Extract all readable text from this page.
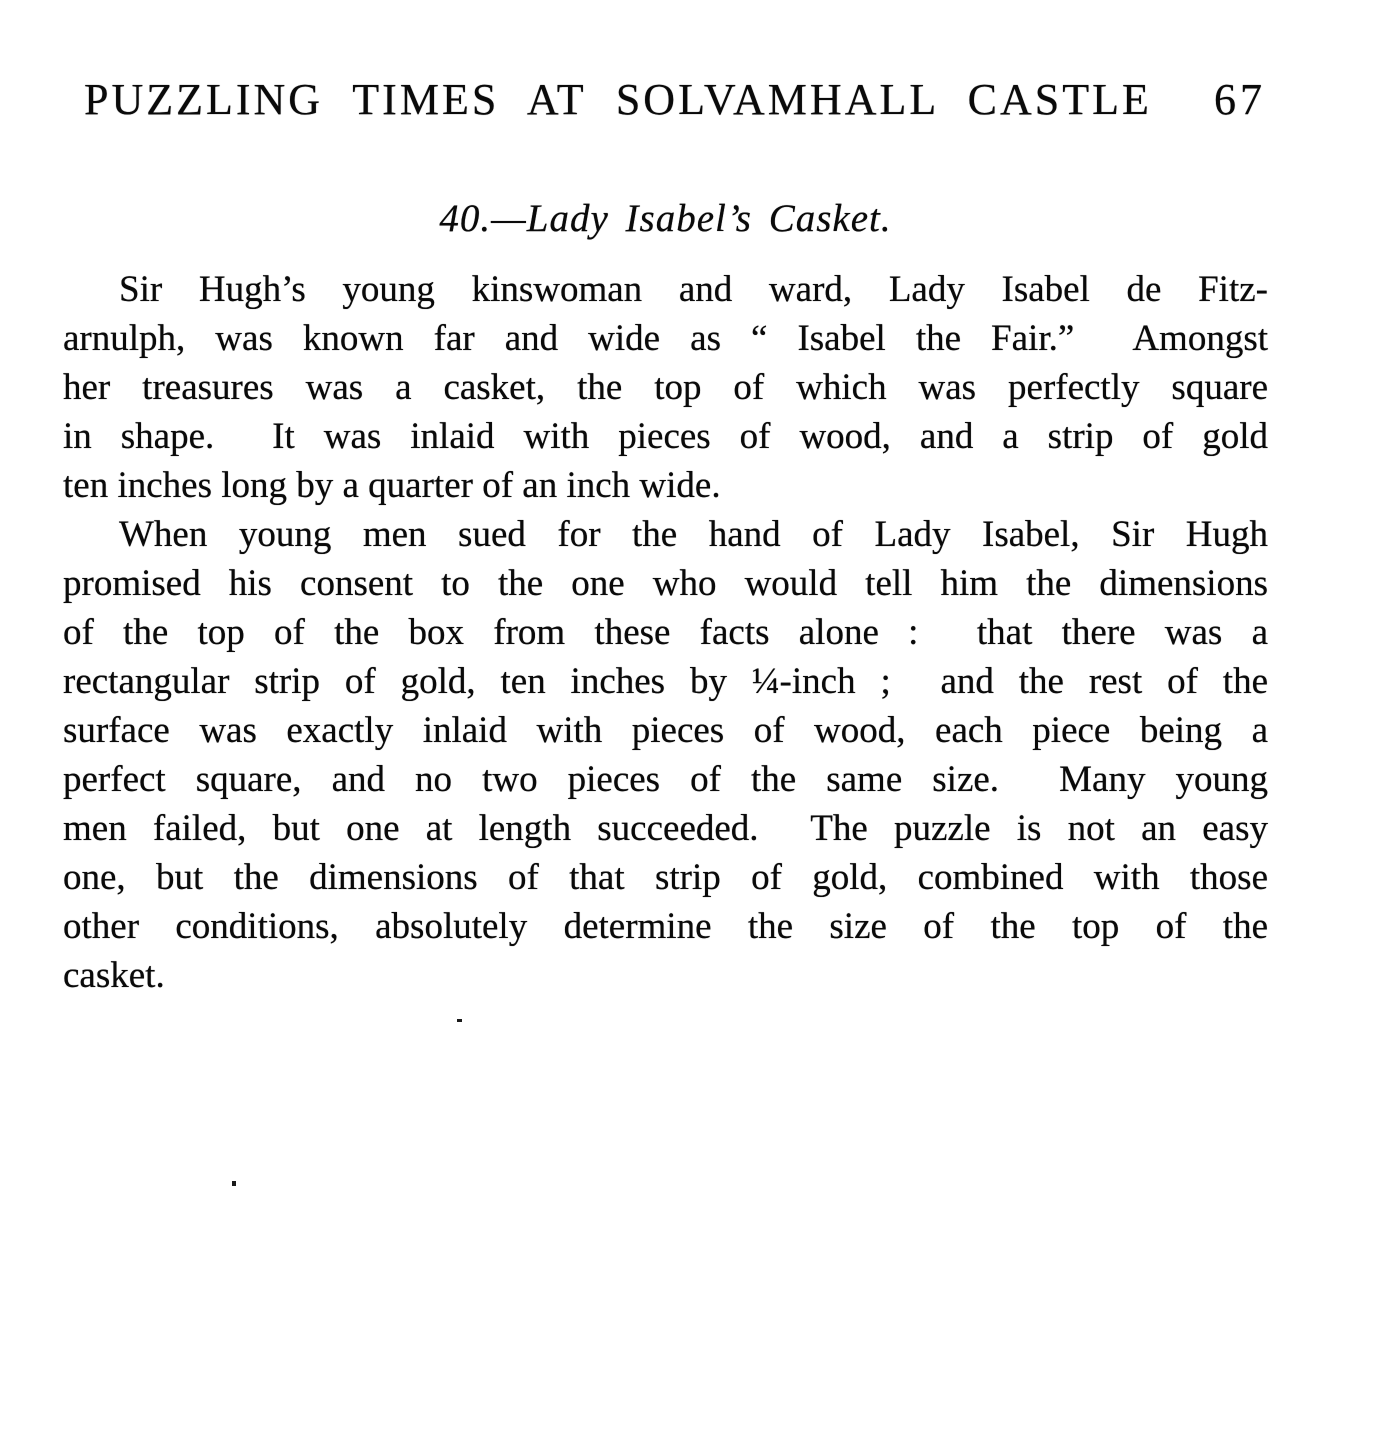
PUZZLING TIMES AT SOLVAMHALL CASTLE 67
40.—Lady Isabel’s Casket.
Sir Hugh’s young kinswoman and ward, Lady Isabel de Fitz-
arnulph, was known far and wide as “ Isabel the Fair.”  Amongst
her treasures was a casket, the top of which was perfectly square
in shape.  It was inlaid with pieces of wood, and a strip of gold
ten inches long by a quarter of an inch wide.
When young men sued for the hand of Lady Isabel, Sir Hugh
promised his consent to the one who would tell him the dimensions
of the top of the box from these facts alone :  that there was a
rectangular strip of gold, ten inches by ¼-inch ;  and the rest of the
surface was exactly inlaid with pieces of wood, each piece being a
perfect square, and no two pieces of the same size.  Many young
men failed, but one at length succeeded.  The puzzle is not an easy
one, but the dimensions of that strip of gold, combined with those
other conditions, absolutely determine the size of the top of the
casket.
